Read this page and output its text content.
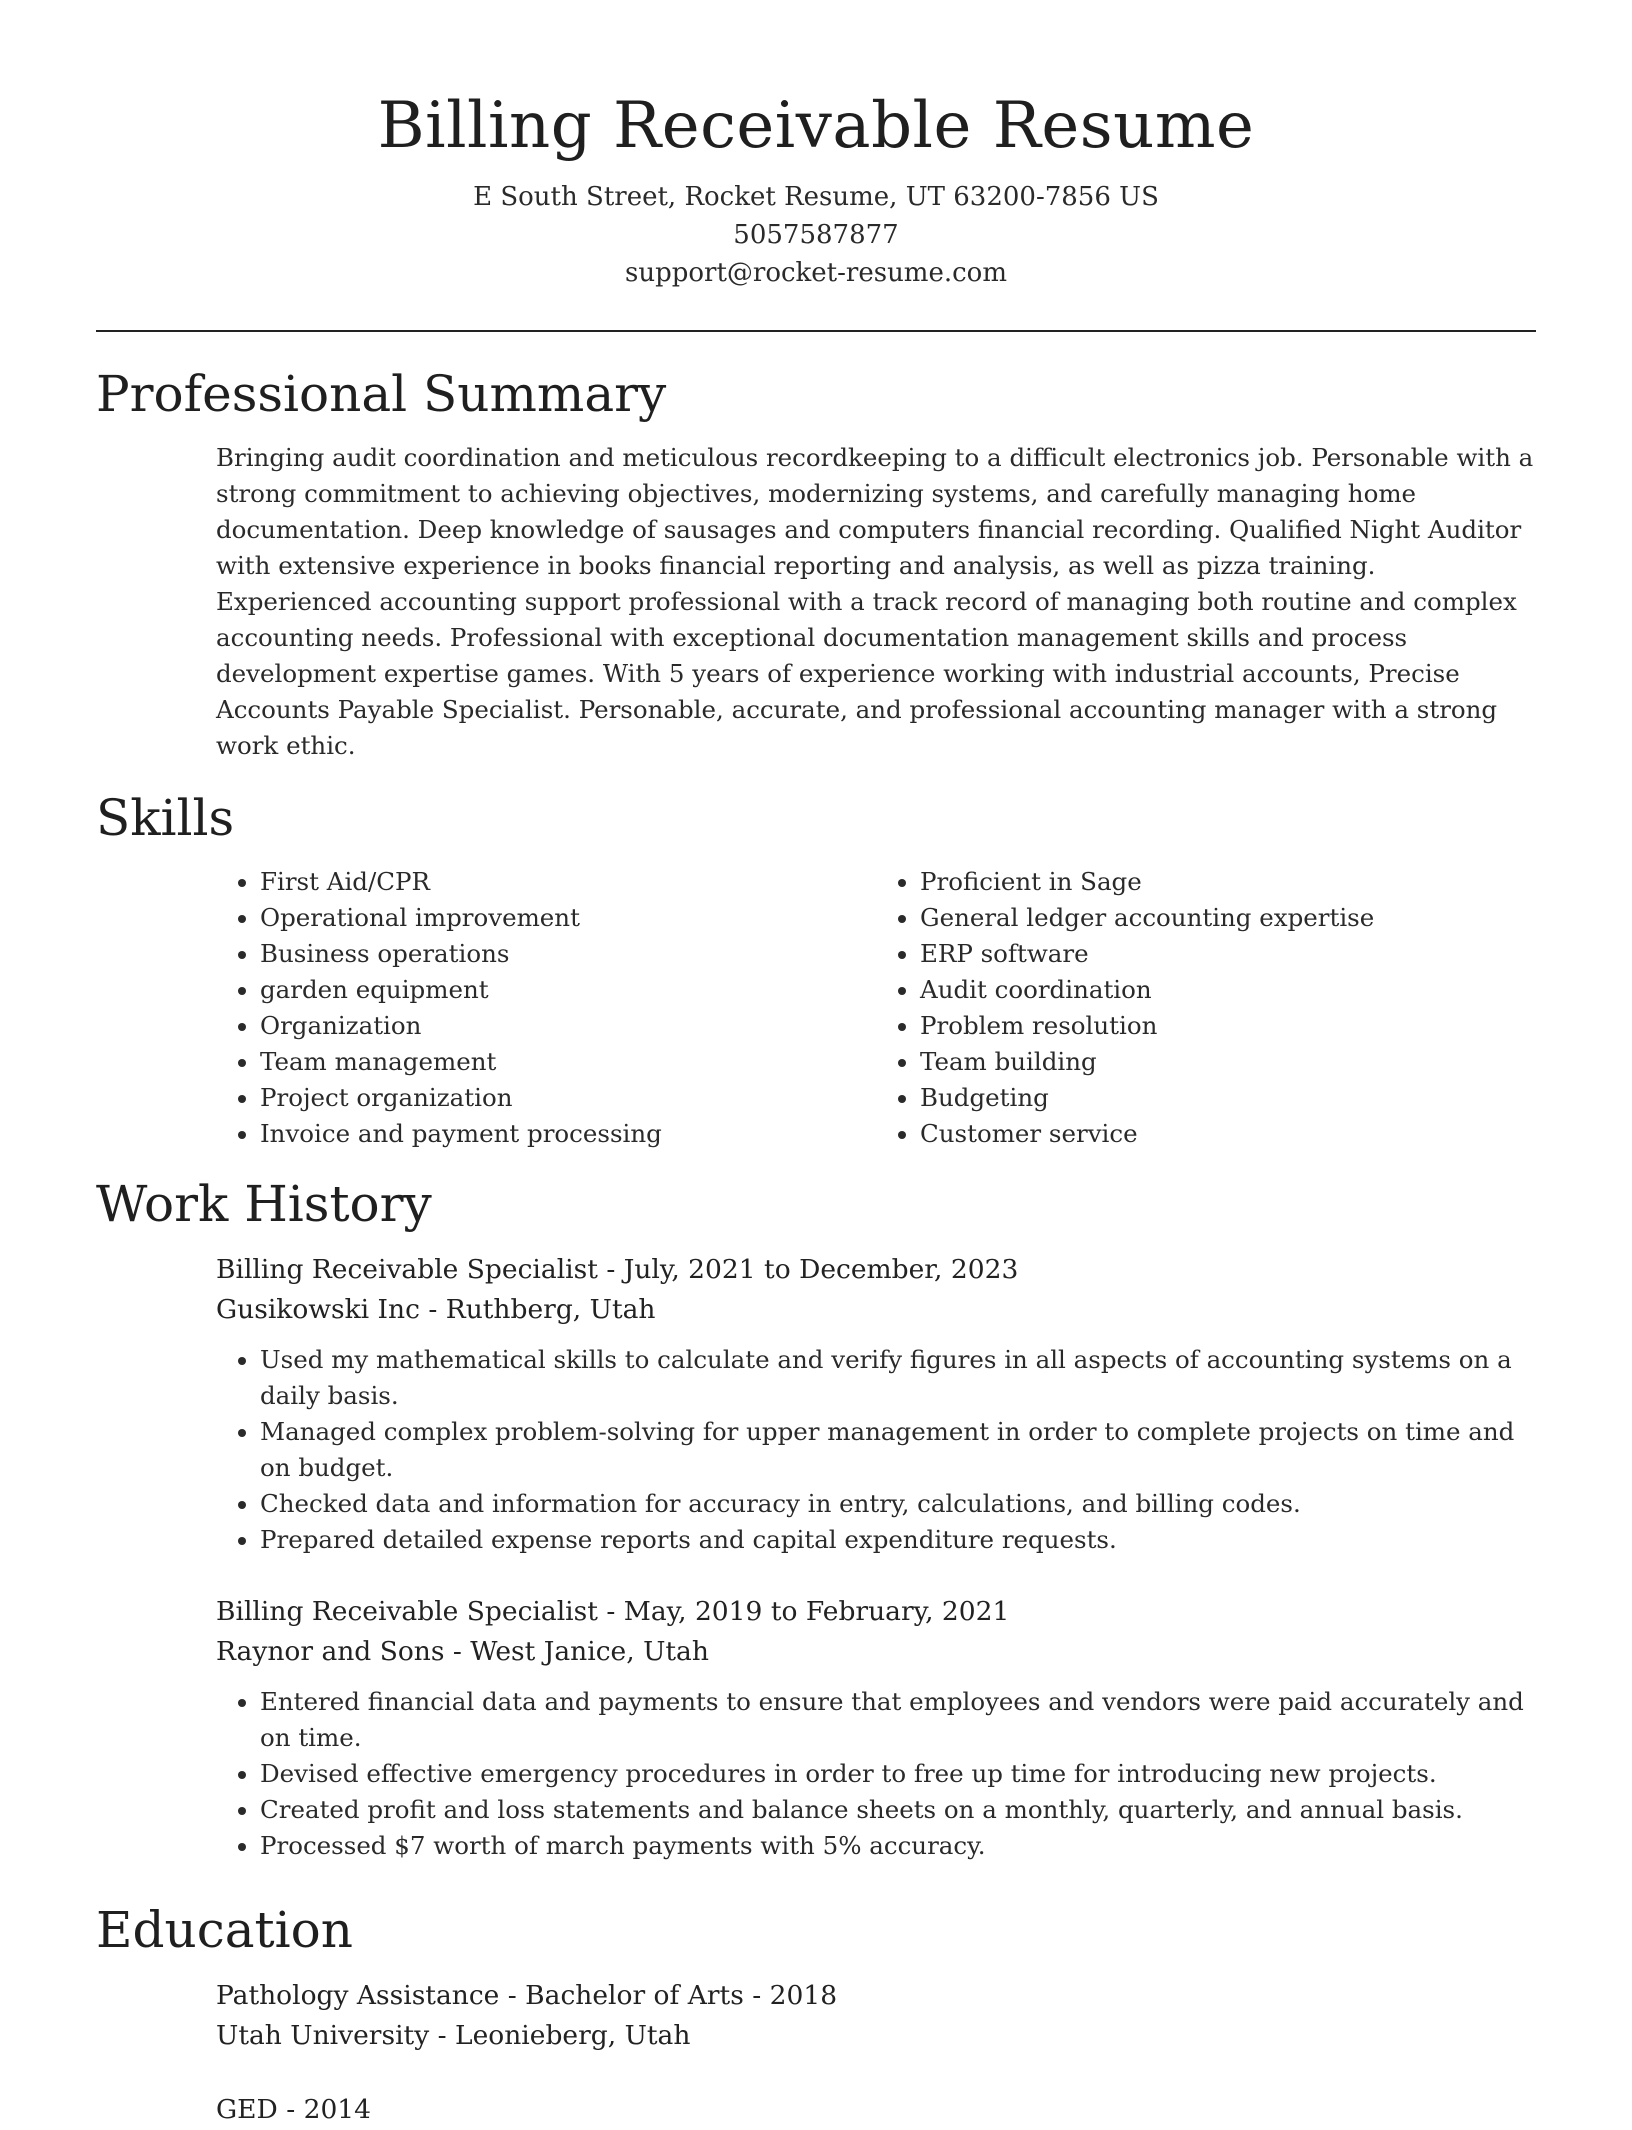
Billing Receivable Resume

E South Street, Rocket Resume, UT 63200-7856 US

5057587877

support@rocket-resume.com

Professional Summary

Bringing audit coordination and meticulous recordkeeping to a difficult electronics job. Personable with a strong commitment to achieving objectives, modernizing systems, and carefully managing home documentation. Deep knowledge of sausages and computers financial recording. Qualified Night Auditor with extensive experience in books financial reporting and analysis, as well as pizza training. Experienced accounting support professional with a track record of managing both routine and complex accounting needs. Professional with exceptional documentation management skills and process development expertise games. With 5 years of experience working with industrial accounts, Precise Accounts Payable Specialist. Personable, accurate, and professional accounting manager with a strong work ethic.

Skills
• First Aid/CPR
• Operational improvement
• Business operations
• garden equipment
• Organization
• Team management
• Project organization
• Invoice and payment processing
• Proficient in Sage
• General ledger accounting expertise
• ERP software
• Audit coordination
• Problem resolution
• Team building
• Budgeting
• Customer service
Work History

Billing Receivable Specialist - July, 2021 to December, 2023

Gusikowski Inc - Ruthberg, Utah

• Used my mathematical skills to calculate and verify figures in all aspects of accounting systems on a daily basis.
• Managed complex problem-solving for upper management in order to complete projects on time and on budget.
• Checked data and information for accuracy in entry, calculations, and billing codes.
• Prepared detailed expense reports and capital expenditure requests.

Billing Receivable Specialist - May, 2019 to February, 2021

Raynor and Sons - West Janice, Utah

• Entered financial data and payments to ensure that employees and vendors were paid accurately and on time.
• Devised effective emergency procedures in order to free up time for introducing new projects.
• Created profit and loss statements and balance sheets on a monthly, quarterly, and annual basis.
• Processed $7 worth of march payments with 5% accuracy.
Education

Pathology Assistance - Bachelor of Arts - 2018

Utah University - Leonieberg, Utah

GED - 2014
